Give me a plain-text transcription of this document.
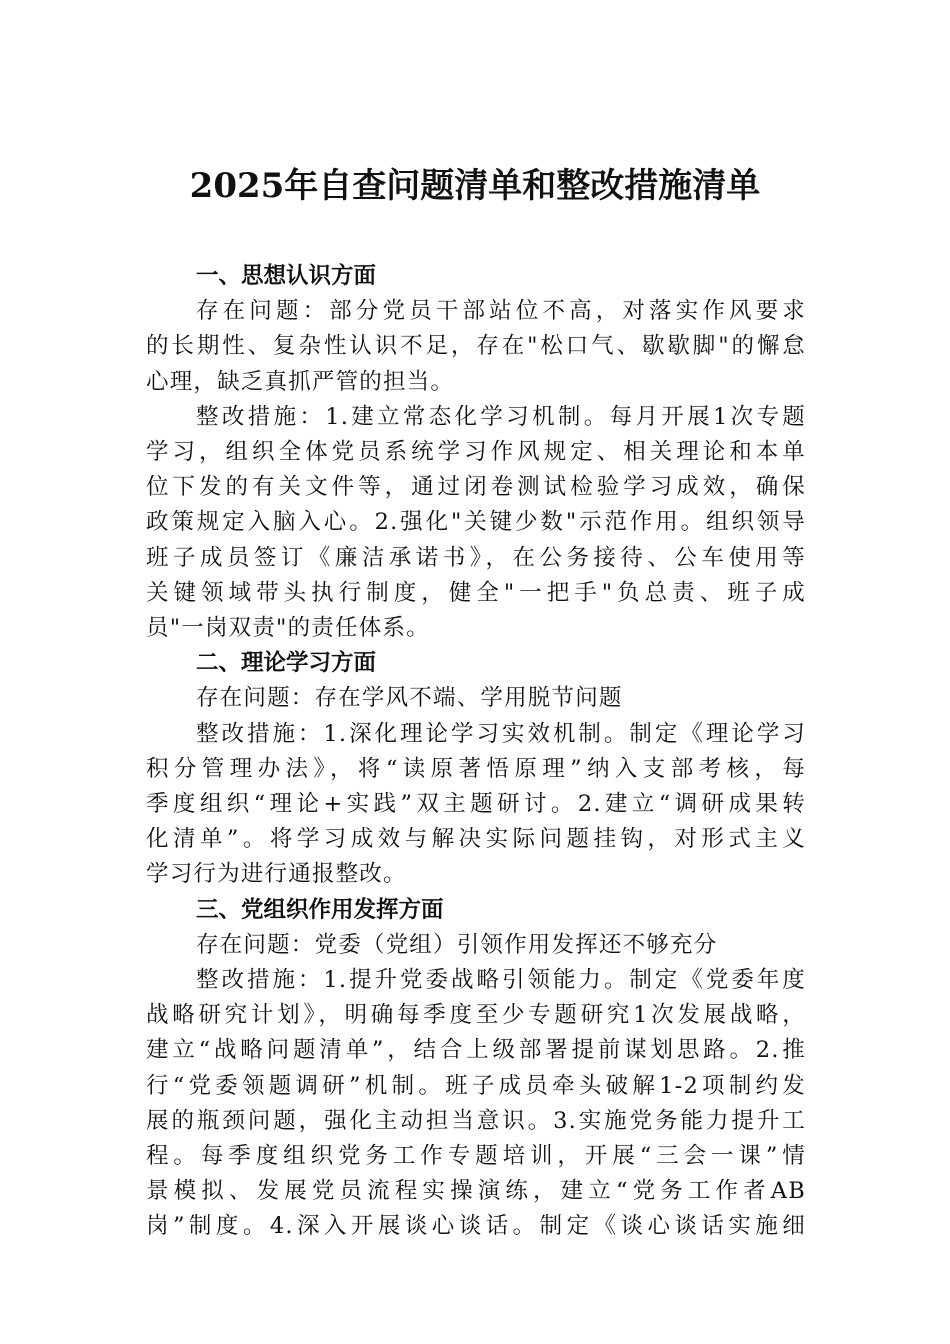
2025年自查问题清单和整改措施清单

一、思想认识方面

存在问题：部分党员干部站位不高，对落实作风要求
的长期性、复杂性认识不足，存在"松口气、歇歇脚"的懈怠
心理，缺乏真抓严管的担当。

整改措施：1.建立常态化学习机制。每月开展1次专题
学习，组织全体党员系统学习作风规定、相关理论和本单
位下发的有关文件等，通过闭卷测试检验学习成效，确保
政策规定入脑入心。2.强化"关键少数"示范作用。组织领导
班子成员签订《廉洁承诺书》，在公务接待、公车使用等
关键领域带头执行制度，健全"一把手"负总责、班子成
员"一岗双责"的责任体系。

二、理论学习方面

存在问题：存在学风不端、学用脱节问题

整改措施：1.深化理论学习实效机制。制定《理论学习
积分管理办法》，将“读原著悟原理”纳入支部考核，每
季度组织“理论+实践”双主题研讨。2.建立“调研成果转
化清单”。将学习成效与解决实际问题挂钩，对形式主义
学习行为进行通报整改。

三、党组织作用发挥方面

存在问题：党委（党组）引领作用发挥还不够充分

整改措施：1.提升党委战略引领能力。制定《党委年度
战略研究计划》，明确每季度至少专题研究1次发展战略，
建立“战略问题清单”，结合上级部署提前谋划思路。2.推
行“党委领题调研”机制。班子成员牵头破解1-2项制约发
展的瓶颈问题，强化主动担当意识。3.实施党务能力提升工
程。每季度组织党务工作专题培训，开展“三会一课”情
景模拟、发展党员流程实操演练，建立“党务工作者AB
岗”制度。4.深入开展谈心谈话。制定《谈心谈话实施细
